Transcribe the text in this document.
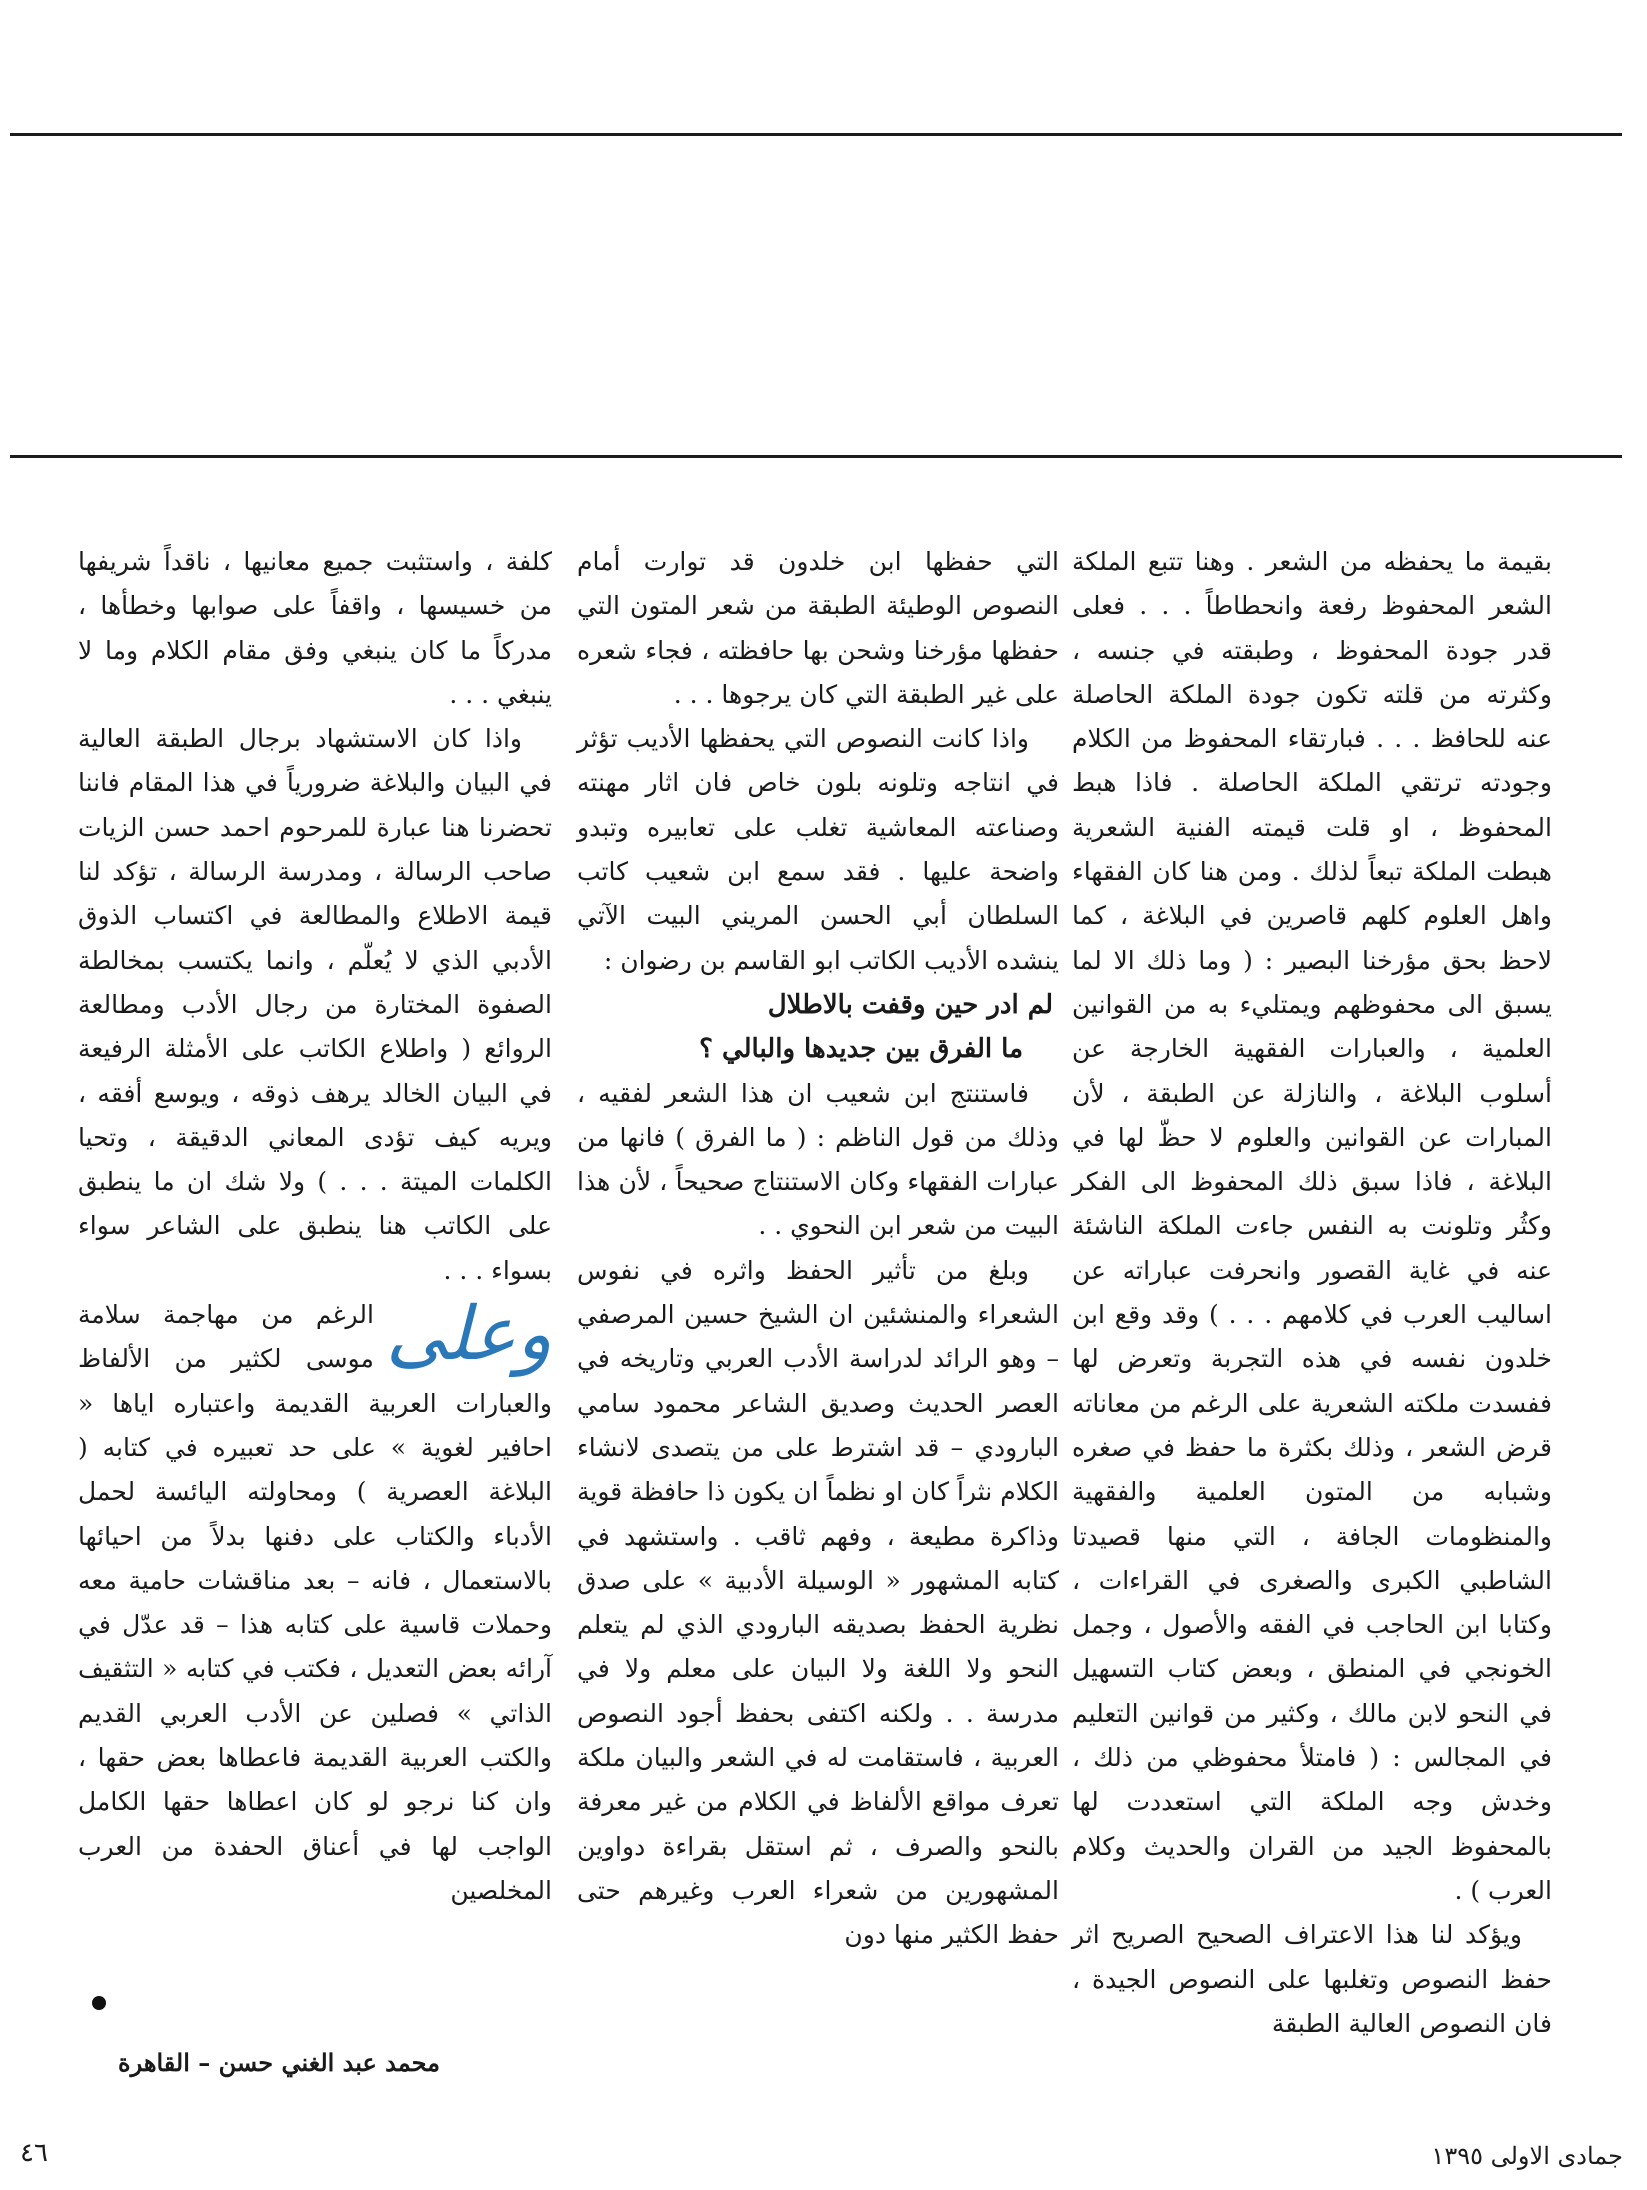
بقيمة ما يحفظه من الشعر . وهنا تتبع الملكة الشعر المحفوظ رفعة وانحطاطاً . . . فعلى قدر جودة المحفوظ ، وطبقته في جنسه ، وكثرته من قلته تكون جودة الملكة الحاصلة عنه للحافظ . . . فبارتقاء المحفوظ من الكلام وجودته ترتقي الملكة الحاصلة . فاذا هبط المحفوظ ، او قلت قيمته الفنية الشعرية هبطت الملكة تبعاً لذلك . ومن هنا كان الفقهاء واهل العلوم كلهم قاصرين في البلاغة ، كما لاحظ بحق مؤرخنا البصير : ( وما ذلك الا لما يسبق الى محفوظهم ويمتليء به من القوانين العلمية ، والعبارات الفقهية الخارجة عن أسلوب البلاغة ، والنازلة عن الطبقة ، لأن المبارات عن القوانين والعلوم لا حظّ لها في البلاغة ، فاذا سبق ذلك المحفوظ الى الفكر وكثُر وتلونت به النفس جاءت الملكة الناشئة عنه في غاية القصور وانحرفت عباراته عن اساليب العرب في كلامهم . . . ) وقد وقع ابن خلدون نفسه في هذه التجربة وتعرض لها ففسدت ملكته الشعرية على الرغم من معاناته قرض الشعر ، وذلك بكثرة ما حفظ في صغره وشبابه من المتون العلمية والفقهية والمنظومات الجافة ، التي منها قصيدتا الشاطبي الكبرى والصغرى في القراءات ، وكتابا ابن الحاجب في الفقه والأصول ، وجمل الخونجي في المنطق ، وبعض كتاب التسهيل في النحو لابن مالك ، وكثير من قوانين التعليم في المجالس : ( فامتلأ محفوظي من ذلك ، وخدش وجه الملكة التي استعددت لها بالمحفوظ الجيد من القران والحديث وكلام العرب ) .

ويؤكد لنا هذا الاعتراف الصحيح الصريح اثر حفظ النصوص وتغلبها على النصوص الجيدة ، فان النصوص العالية الطبقة

التي حفظها ابن خلدون قد توارت أمام النصوص الوطيئة الطبقة من شعر المتون التي حفظها مؤرخنا وشحن بها حافظته ، فجاء شعره على غير الطبقة التي كان يرجوها . . .

واذا كانت النصوص التي يحفظها الأديب تؤثر في انتاجه وتلونه بلون خاص فان اثار مهنته وصناعته المعاشية تغلب على تعابيره وتبدو واضحة عليها . فقد سمع ابن شعيب كاتب السلطان أبي الحسن المريني البيت الآتي ينشده الأديب الكاتب ابو القاسم بن رضوان :

لم ادر حين وقفت بالاطلال

ما الفرق بين جديدها والبالي ؟

فاستنتج ابن شعيب ان هذا الشعر لفقيه ، وذلك من قول الناظم : ( ما الفرق ) فانها من عبارات الفقهاء وكان الاستنتاج صحيحاً ، لأن هذا البيت من شعر ابن النحوي . .

وبلغ من تأثير الحفظ واثره في نفوس الشعراء والمنشئين ان الشيخ حسين المرصفي – وهو الرائد لدراسة الأدب العربي وتاريخه في العصر الحديث وصديق الشاعر محمود سامي البارودي – قد اشترط على من يتصدى لانشاء الكلام نثراً كان او نظماً ان يكون ذا حافظة قوية وذاكرة مطيعة ، وفهم ثاقب . واستشهد في كتابه المشهور « الوسيلة الأدبية » على صدق نظرية الحفظ بصديقه البارودي الذي لم يتعلم النحو ولا اللغة ولا البيان على معلم ولا في مدرسة . . ولكنه اكتفى بحفظ أجود النصوص العربية ، فاستقامت له في الشعر والبيان ملكة تعرف مواقع الألفاظ في الكلام من غير معرفة بالنحو والصرف ، ثم استقل بقراءة دواوين المشهورين من شعراء العرب وغيرهم حتى حفظ الكثير منها دون

كلفة ، واستثبت جميع معانيها ، ناقداً شريفها من خسيسها ، واقفاً على صوابها وخطأها ، مدركاً ما كان ينبغي وفق مقام الكلام وما لا ينبغي . . .

واذا كان الاستشهاد برجال الطبقة العالية في البيان والبلاغة ضرورياً في هذا المقام فاننا تحضرنا هنا عبارة للمرحوم احمد حسن الزيات صاحب الرسالة ، ومدرسة الرسالة ، تؤكد لنا قيمة الاطلاع والمطالعة في اكتساب الذوق الأدبي الذي لا يُعلّم ، وانما يكتسب بمخالطة الصفوة المختارة من رجال الأدب ومطالعة الروائع ( واطلاع الكاتب على الأمثلة الرفيعة في البيان الخالد يرهف ذوقه ، ويوسع أفقه ، ويريه كيف تؤدى المعاني الدقيقة ، وتحيا الكلمات الميتة . . . ) ولا شك ان ما ينطبق على الكاتب هنا ينطبق على الشاعر سواء بسواء . . .

وعلى

الرغم من مهاجمة سلامة موسى لكثير من الألفاظ والعبارات العربية القديمة واعتباره اياها « احافير لغوية » على حد تعبيره في كتابه ( البلاغة العصرية ) ومحاولته اليائسة لحمل الأدباء والكتاب على دفنها بدلاً من احيائها بالاستعمال ، فانه – بعد مناقشات حامية معه وحملات قاسية على كتابه هذا – قد عدّل في آرائه بعض التعديل ، فكتب في كتابه « التثقيف الذاتي » فصلين عن الأدب العربي القديم والكتب العربية القديمة فاعطاها بعض حقها ، وان كنا نرجو لو كان اعطاها حقها الكامل الواجب لها في أعناق الحفدة من العرب المخلصين

محمد عبد الغني حسن – القاهرة
جمادى الاولى ١٣٩٥
٤٦
